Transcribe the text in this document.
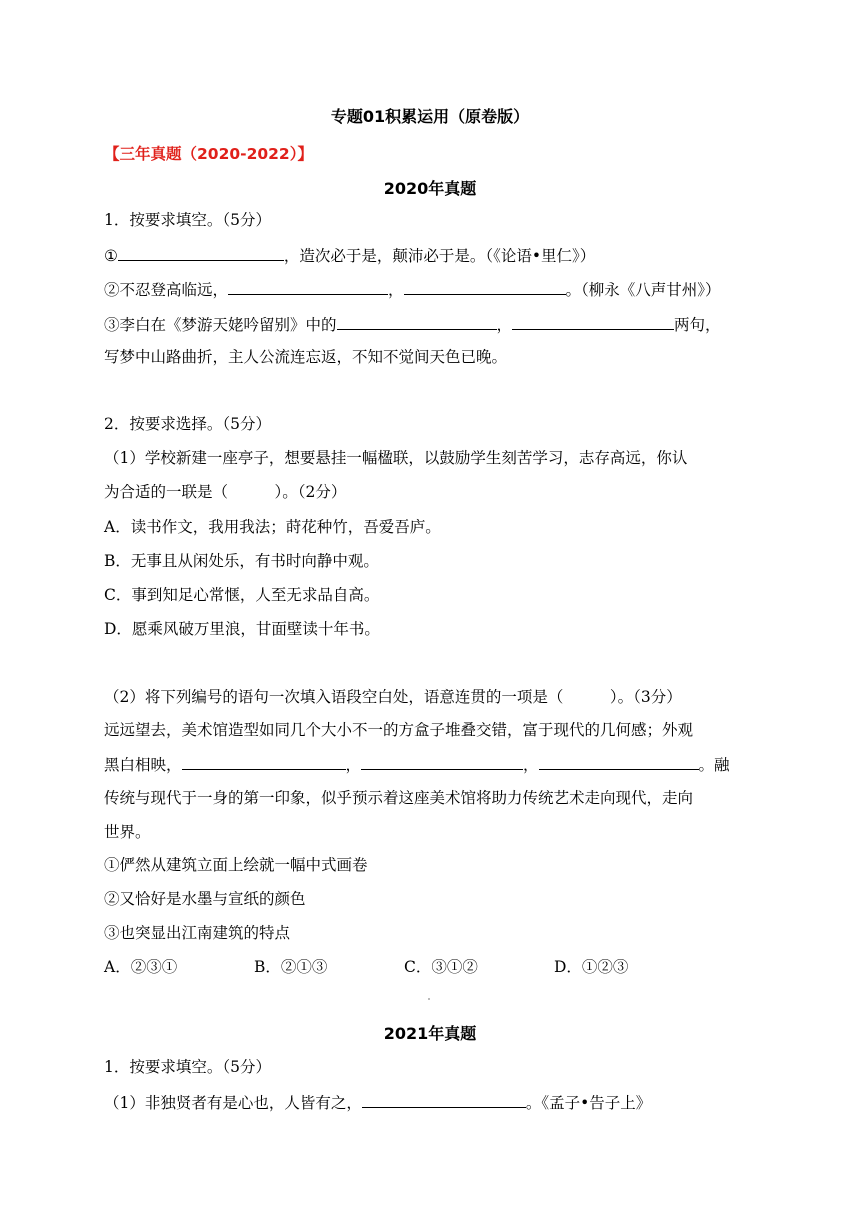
专题01积累运用（原卷版）
【三年真题（2020-2022）】
2020年真题
1．按要求填空。（5分）
①	，造次必于是，颠沛必于是。（《论语•里仁》）
②不忍登高临远，	，	。（柳永《八声甘州》）
③李白在《梦游天姥吟留别》中的	，	两句，
写梦中山路曲折，主人公流连忘返，不知不觉间天色已晚。
2．按要求选择。（5分）
（1）学校新建一座亭子，想要悬挂一幅楹联，以鼓励学生刻苦学习，志存高远，你认
为合适的一联是（　　　）。（2分）
A．读书作文，我用我法；莳花种竹，吾爱吾庐。
B．无事且从闲处乐，有书时向静中观。
C．事到知足心常惬，人至无求品自高。
D．愿乘风破万里浪，甘面壁读十年书。
（2）将下列编号的语句一次填入语段空白处，语意连贯的一项是（　　　）。（3分）
远远望去，美术馆造型如同几个大小不一的方盒子堆叠交错，富于现代的几何感；外观
黑白相映，	，	，	。融
传统与现代于一身的第一印象，似乎预示着这座美术馆将助力传统艺术走向现代，走向
世界。
①俨然从建筑立面上绘就一幅中式画卷
②又恰好是水墨与宣纸的颜色
③也突显出江南建筑的特点
A．②③①	B．②①③	C．③①②	D．①②③
2021年真题
1．按要求填空。（5分）
（1）非独贤者有是心也，人皆有之，	。《孟子•告子上》
